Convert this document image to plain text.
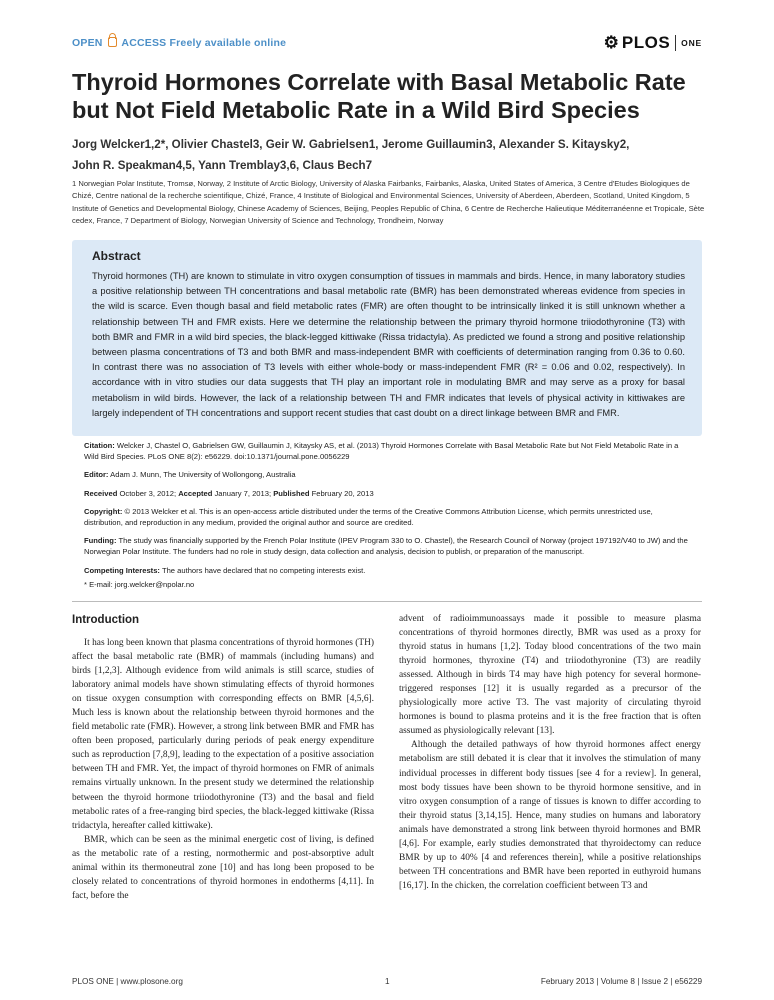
OPEN ACCESS Freely available online	⚙ PLOS ONE
Thyroid Hormones Correlate with Basal Metabolic Rate but Not Field Metabolic Rate in a Wild Bird Species
Jorg Welcker1,2*, Olivier Chastel3, Geir W. Gabrielsen1, Jerome Guillaumin3, Alexander S. Kitaysky2,
John R. Speakman4,5, Yann Tremblay3,6, Claus Bech7
1 Norwegian Polar Institute, Tromsø, Norway, 2 Institute of Arctic Biology, University of Alaska Fairbanks, Fairbanks, Alaska, United States of America, 3 Centre d'Etudes Biologiques de Chizé, Centre national de la recherche scientifique, Chizé, France, 4 Institute of Biological and Environmental Sciences, University of Aberdeen, Aberdeen, Scotland, United Kingdom, 5 Institute of Genetics and Developmental Biology, Chinese Academy of Sciences, Beijing, Peoples Republic of China, 6 Centre de Recherche Halieutique Méditerranéenne et Tropicale, Sète cedex, France, 7 Department of Biology, Norwegian University of Science and Technology, Trondheim, Norway
Abstract

Thyroid hormones (TH) are known to stimulate in vitro oxygen consumption of tissues in mammals and birds. Hence, in many laboratory studies a positive relationship between TH concentrations and basal metabolic rate (BMR) has been demonstrated whereas evidence from species in the wild is scarce. Even though basal and field metabolic rates (FMR) are often thought to be intrinsically linked it is still unknown whether a relationship between TH and FMR exists. Here we determine the relationship between the primary thyroid hormone triiodothyronine (T3) with both BMR and FMR in a wild bird species, the black-legged kittiwake (Rissa tridactyla). As predicted we found a strong and positive relationship between plasma concentrations of T3 and both BMR and mass-independent BMR with coefficients of determination ranging from 0.36 to 0.60. In contrast there was no association of T3 levels with either whole-body or mass-independent FMR (R² = 0.06 and 0.02, respectively). In accordance with in vitro studies our data suggests that TH play an important role in modulating BMR and may serve as a proxy for basal metabolism in wild birds. However, the lack of a relationship between TH and FMR indicates that levels of physical activity in kittiwakes are largely independent of TH concentrations and support recent studies that cast doubt on a direct linkage between BMR and FMR.

Citation: Welcker J, Chastel O, Gabrielsen GW, Guillaumin J, Kitaysky AS, et al. (2013) Thyroid Hormones Correlate with Basal Metabolic Rate but Not Field Metabolic Rate in a Wild Bird Species. PLoS ONE 8(2): e56229. doi:10.1371/journal.pone.0056229

Editor: Adam J. Munn, The University of Wollongong, Australia

Received October 3, 2012; Accepted January 7, 2013; Published February 20, 2013

Copyright: © 2013 Welcker et al. This is an open-access article distributed under the terms of the Creative Commons Attribution License, which permits unrestricted use, distribution, and reproduction in any medium, provided the original author and source are credited.

Funding: The study was financially supported by the French Polar Institute (IPEV Program 330 to O. Chastel), the Research Council of Norway (project 197192/V40 to JW) and the Norwegian Polar Institute. The funders had no role in study design, data collection and analysis, decision to publish, or preparation of the manuscript.

Competing Interests: The authors have declared that no competing interests exist.

* E-mail: jorg.welcker@npolar.no

Introduction

It has long been known that plasma concentrations of thyroid hormones (TH) affect the basal metabolic rate (BMR) of mammals (including humans) and birds [1,2,3]. Although evidence from wild animals is still scarce, studies of laboratory animal models have shown stimulating effects of thyroid hormones on tissue oxygen consumption with corresponding effects on BMR [4,5,6]. Much less is known about the relationship between thyroid hormones and the field metabolic rate (FMR). However, a strong link between BMR and FMR has often been proposed, particularly during periods of peak energy expenditure such as reproduction [7,8,9], leading to the expectation of a positive association between TH and FMR. Yet, the impact of thyroid hormones on FMR of animals remains virtually unknown. In the present study we determined the relationship between the thyroid hormone triiodothyronine (T3) and the basal and field metabolic rates of a free-ranging bird species, the black-legged kittiwake (Rissa tridactyla, hereafter called kittiwake).

BMR, which can be seen as the minimal energetic cost of living, is defined as the metabolic rate of a resting, normothermic and post-absorptive adult animal within its thermoneutral zone [10] and has long been proposed to be closely related to concentrations of thyroid hormones in endotherms [4,11]. In fact, before the

advent of radioimmunoassays made it possible to measure plasma concentrations of thyroid hormones directly, BMR was used as a proxy for thyroid status in humans [1,2]. Today blood concentrations of the two main thyroid hormones, thyroxine (T4) and triiodothyronine (T3) are readily assessed. Although in birds T4 may have high potency for several hormone-triggered responses [12] it is usually regarded as a precursor of the physiologically more active T3. The vast majority of circulating thyroid hormones is bound to plasma proteins and it is the free fraction that is often assumed as physiologically relevant [13].

Although the detailed pathways of how thyroid hormones affect energy metabolism are still debated it is clear that it involves the stimulation of many individual processes in different body tissues [see 4 for a review]. In general, most body tissues have been shown to be thyroid hormone sensitive, and in vitro oxygen consumption of a range of tissues is known to differ according to their thyroid status [3,14,15]. Hence, many studies on humans and laboratory animals have demonstrated a strong link between thyroid hormones and BMR [4,6]. For example, early studies demonstrated that thyroidectomy can reduce BMR by up to 40% [4 and references therein], while a positive relationships between TH concentrations and BMR have been reported in euthyroid humans [16,17]. In the chicken, the correlation coefficient between T3 and

PLOS ONE | www.plosone.org	1	February 2013 | Volume 8 | Issue 2 | e56229
